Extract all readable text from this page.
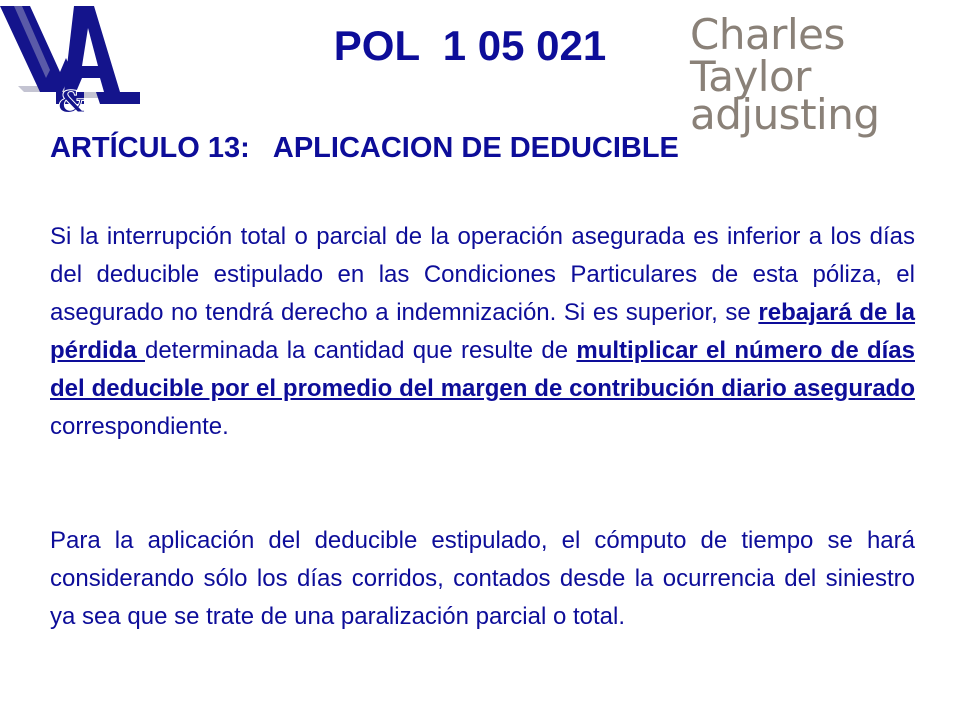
&
POL  1 05 021	Charles Taylor
adjusting
ARTÍCULO 13:   APLICACION DE DEDUCIBLE

Si la interrupción total o parcial de la operación asegurada es inferior a los días del deducible estipulado en las Condiciones Particulares de esta póliza, el asegurado no tendrá derecho a indemnización. Si es superior, se rebajará de la pérdida determinada la cantidad que resulte de multiplicar el número de días del deducible por el promedio del margen de contribución diario asegurado correspondiente.

Para la aplicación del deducible estipulado, el cómputo de tiempo se hará considerando sólo los días corridos, contados desde la ocurrencia del siniestro ya sea que se trate de una paralización parcial o total.
